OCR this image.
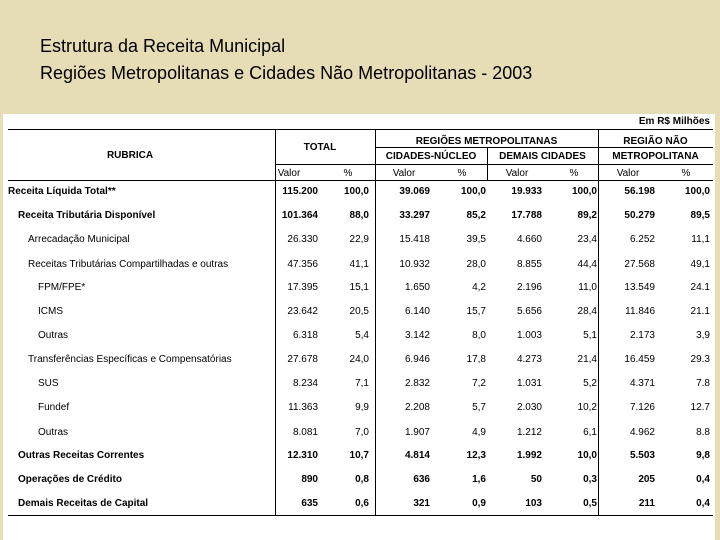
Estrutura da Receita Municipal
Regiões Metropolitanas e Cidades Não Metropolitanas - 2003
Em R$ Milhões
RUBRICA
TOTAL
REGIÕES METROPOLITANAS	REGIÃO NÃO
METROPOLITANA
CIDADES-NÚCLEO	DEMAIS CIDADES
Valor	%	Valor	%	Valor	%	Valor	%
Receita Líquida Total**	115.200	100,0	39.069	100,0	19.933	100,0	56.198	100,0
Receita Tributária Disponível	101.364	88,0	33.297	85,2	17.788	89,2	50.279	89,5
Arrecadação Municipal	26.330	22,9	15.418	39,5	4.660	23,4	6.252	11,1
Receitas Tributárias Compartilhadas e outras	47.356	41,1	10.932	28,0	8.855	44,4	27.568	49,1
FPM/FPE*	17.395	15,1	1.650	4,2	2.196	11,0	13.549	24.1
ICMS	23.642	20,5	6.140	15,7	5.656	28,4	11.846	21.1
Outras	6.318	5,4	3.142	8,0	1.003	5,1	2.173	3,9
Transferências Específicas e Compensatórias	27.678	24,0	6.946	17,8	4.273	21,4	16.459	29.3
SUS	8.234	7,1	2.832	7,2	1.031	5,2	4.371	7.8
Fundef	11.363	9,9	2.208	5,7	2.030	10,2	7.126	12.7
Outras	8.081	7,0	1.907	4,9	1.212	6,1	4.962	8.8
Outras Receitas Correntes	12.310	10,7	4.814	12,3	1.992	10,0	5.503	9,8
Operações de Crédito	890	0,8	636	1,6	50	0,3	205	0,4
Demais Receitas de Capital	635	0,6	321	0,9	103	0,5	211	0,4
